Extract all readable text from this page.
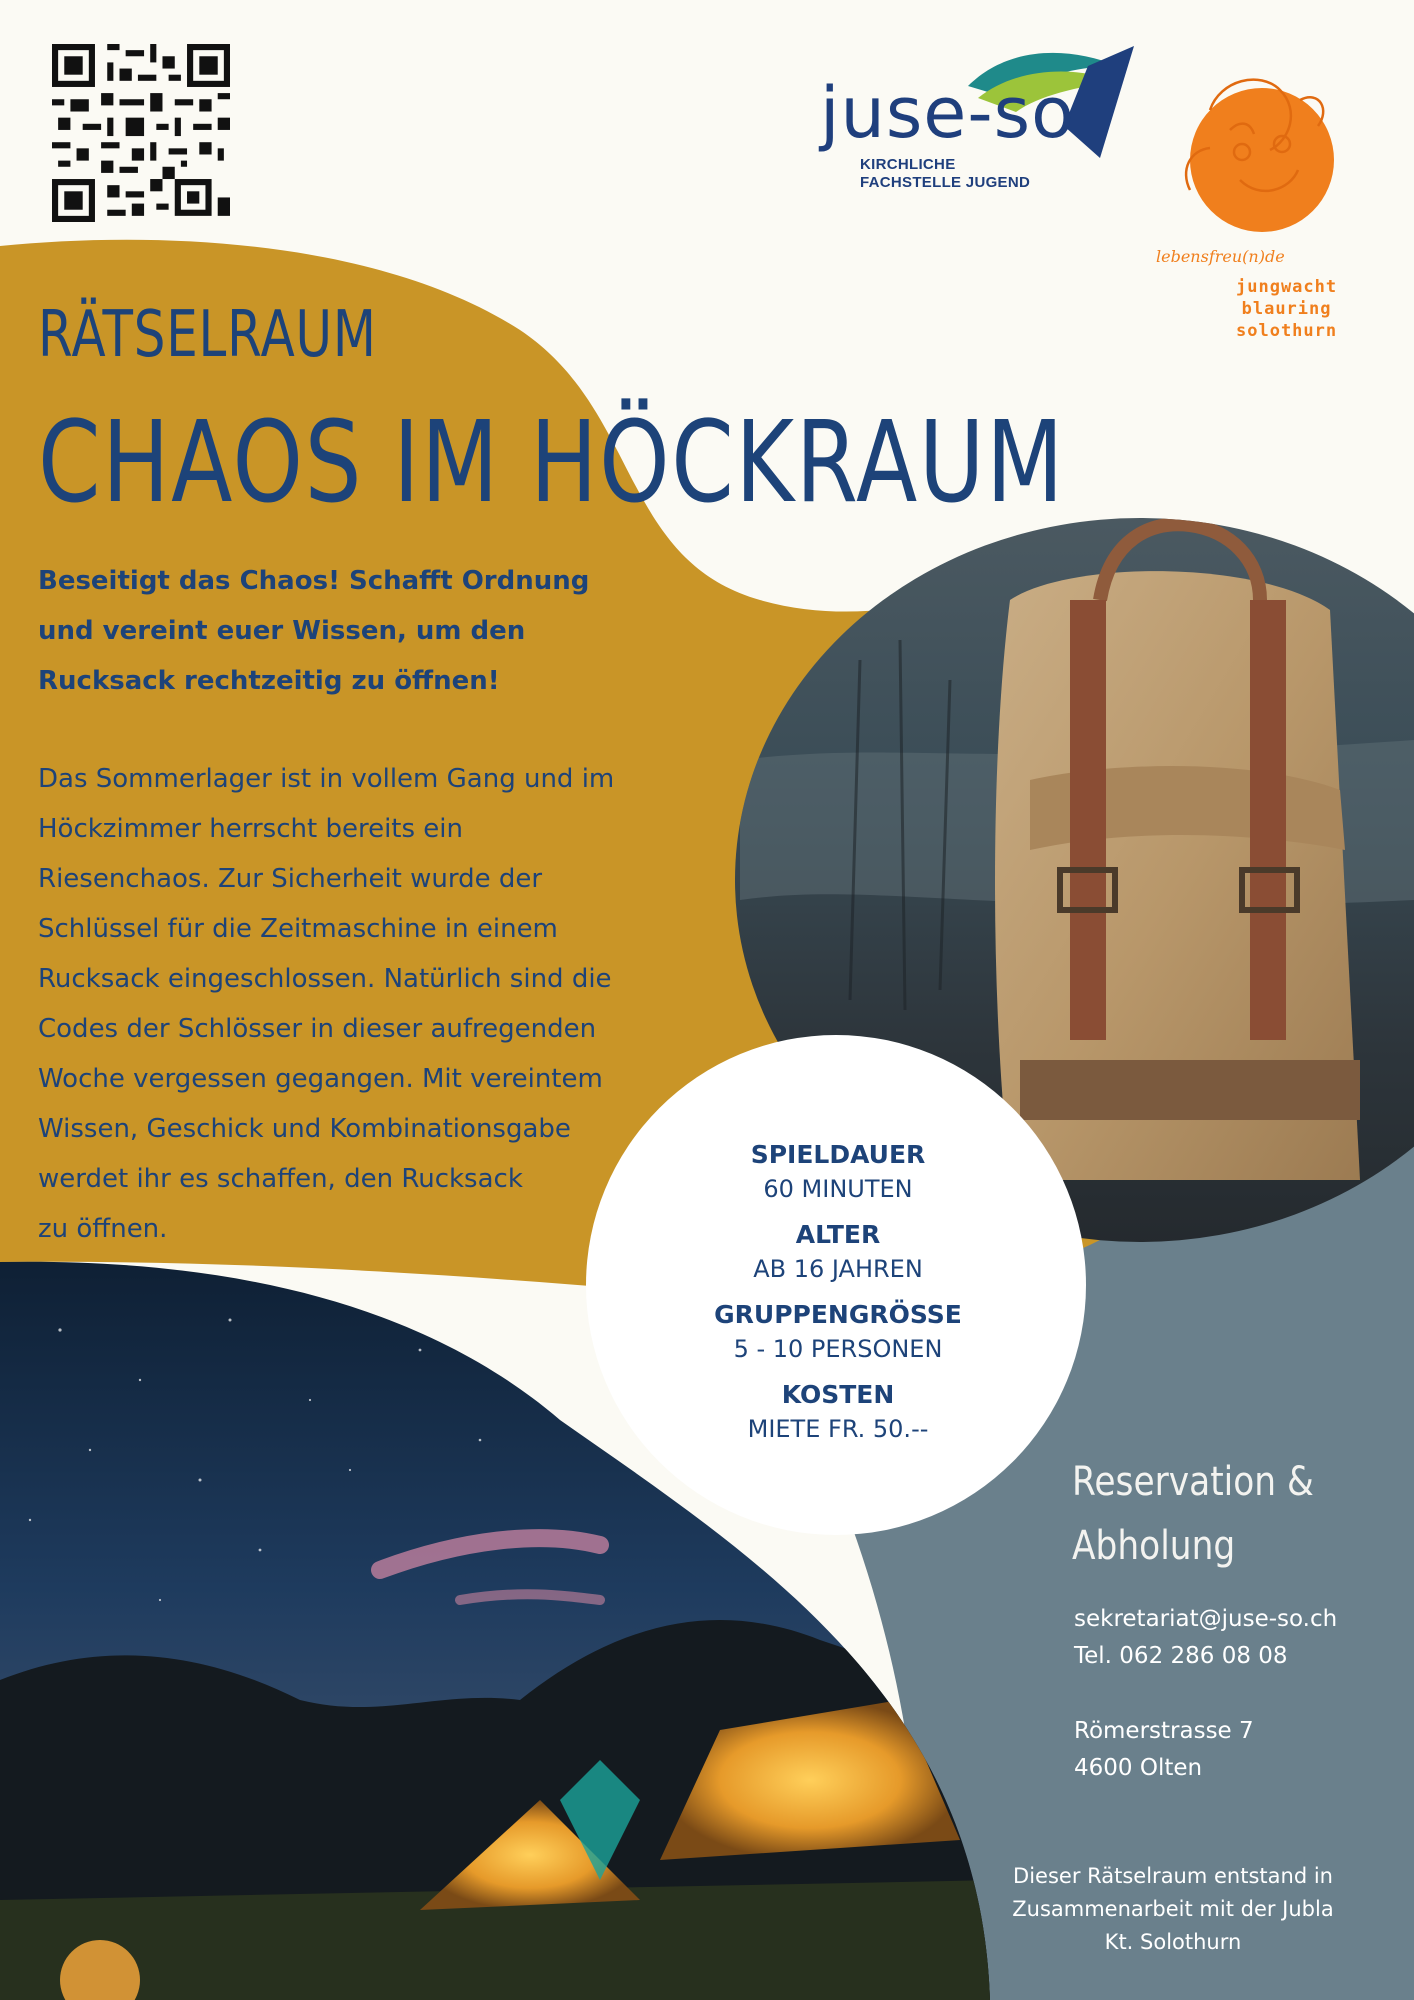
juse-so
KIRCHLICHE
FACHSTELLE JUGEND
lebensfreu(n)de
jungwacht
blauring
solothurn
RÄTSELRAUM
CHAOS IM HÖCKRAUM
Beseitigt das Chaos! Schafft Ordnung
und vereint euer Wissen, um den
Rucksack rechtzeitig zu öffnen!
Das Sommerlager ist in vollem Gang und im
Höckzimmer herrscht bereits ein
Riesenchaos. Zur Sicherheit wurde der
Schlüssel für die Zeitmaschine in einem
Rucksack eingeschlossen. Natürlich sind die
Codes der Schlösser in dieser aufregenden
Woche vergessen gegangen. Mit vereintem
Wissen, Geschick und Kombinationsgabe
werdet ihr es schaffen, den Rucksack
zu öffnen.
SPIELDAUER
60 MINUTEN
ALTER
AB 16 JAHREN
GRUPPENGRÖSSE
5 - 10 PERSONEN
KOSTEN
MIETE FR. 50.--
Reservation &
Abholung
sekretariat@juse-so.ch
Tel. 062 286 08 08
Römerstrasse 7
4600 Olten
Dieser Rätselraum entstand in
Zusammenarbeit mit der Jubla
Kt. Solothurn
